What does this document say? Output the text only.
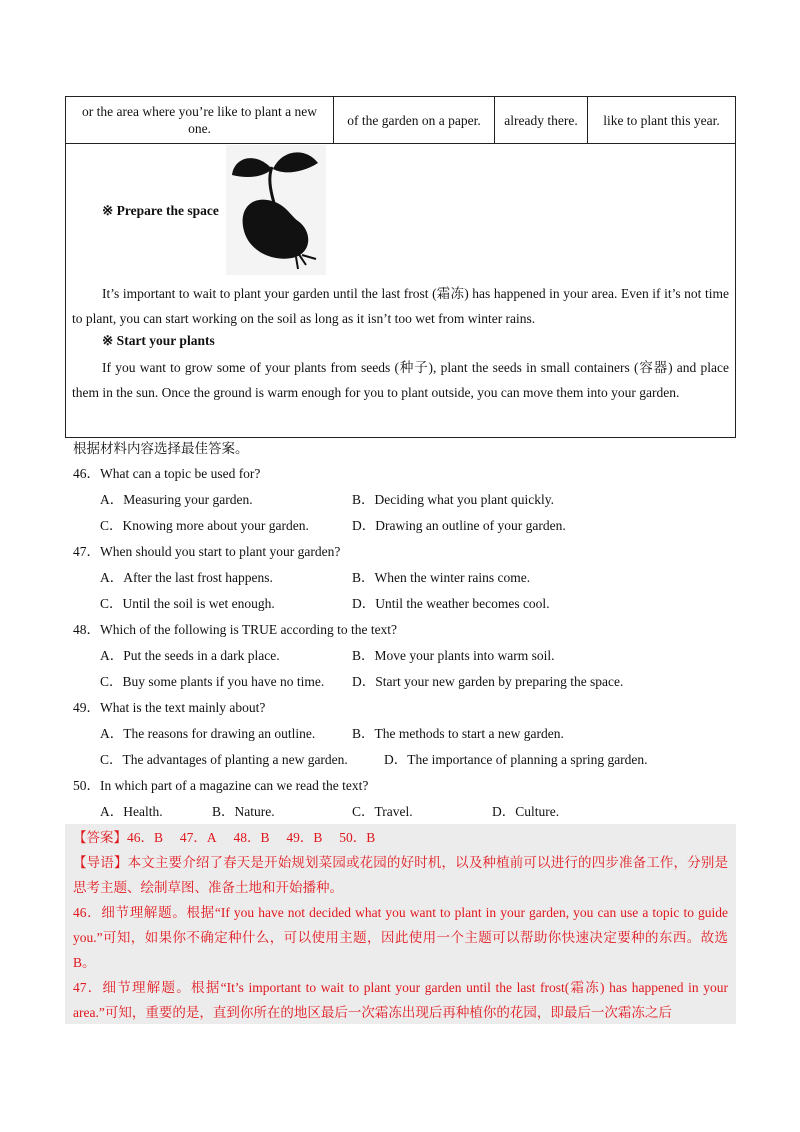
or the area where you’re like to plant a new one.	of the garden on a paper.	already there.	like to plant this year.
※ Prepare the space
It’s important to wait to plant your garden until the last frost (霜冻) has happened in your area. Even if it’s not time to plant, you can start working on the soil as long as it isn’t too wet from winter rains.
※ Start your plants
If you want to grow some of your plants from seeds (种子), plant the seeds in small containers (容器) and place them in the sun. Once the ground is warm enough for you to plant outside, you can move them into your garden.
根据材料内容选择最佳答案。
46．What can a topic be used for?
A．Measuring your garden.	B．Deciding what you plant quickly.
C．Knowing more about your garden.	D．Drawing an outline of your garden.
47．When should you start to plant your garden?
A．After the last frost happens.	B．When the winter rains come.
C．Until the soil is wet enough.	D．Until the weather becomes cool.
48．Which of the following is TRUE according to the text?
A．Put the seeds in a dark place.	B．Move your plants into warm soil.
C．Buy some plants if you have no time. D．Start your new garden by preparing the space.
49．What is the text mainly about?
A．The reasons for drawing an outline.	B．The methods to start a new garden.
C．The advantages of planting a new garden.	D．The importance of planning a spring garden.
50．In which part of a magazine can we read the text?
A．Health.	B．Nature.	C．Travel.	D．Culture.
【答案】46．B     47．A     48．B     49．B     50．B
【导语】本文主要介绍了春天是开始规划菜园或花园的好时机，以及种植前可以进行的四步准备工作，分别是思考主题、绘制草图、准备土地和开始播种。
46．细节理解题。根据“If you have not decided what you want to plant in your garden, you can use a topic to guide you.”可知，如果你不确定种什么，可以使用主题，因此使用一个主题可以帮助你快速决定要种的东西。故选B。
47．细节理解题。根据“It’s important to wait to plant your garden until the last frost(霜冻) has happened in your area.”可知，重要的是，直到你所在的地区最后一次霜冻出现后再种植你的花园，即最后一次霜冻之后
